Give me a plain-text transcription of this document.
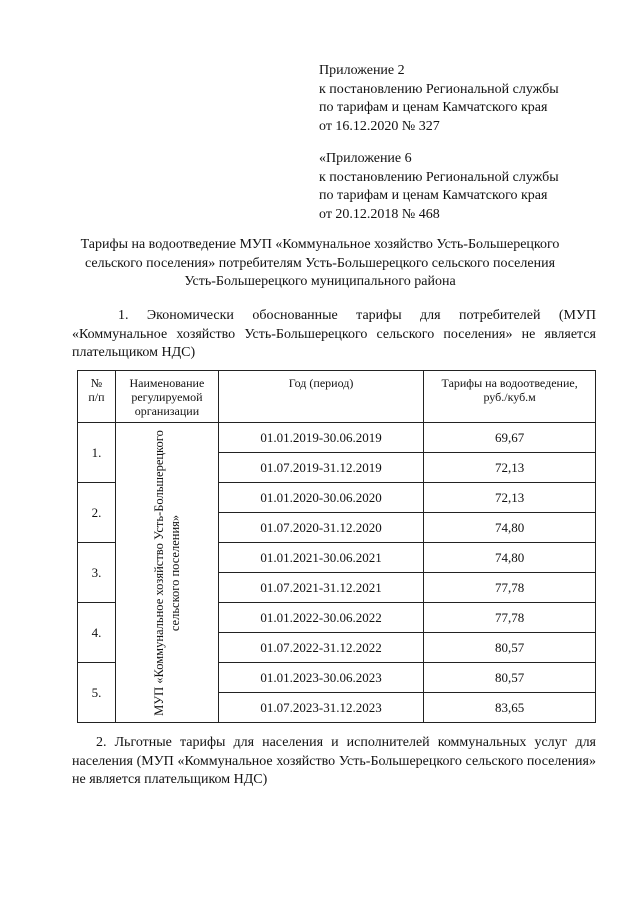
Приложение 2
к постановлению Региональной службы
по тарифам и ценам Камчатского края
от 16.12.2020 № 327
«Приложение 6
к постановлению Региональной службы
по тарифам и ценам Камчатского края
от 20.12.2018 № 468
Тарифы на водоотведение МУП «Коммунальное хозяйство Усть-Большерецкого сельского поселения» потребителям Усть-Большерецкого сельского поселения Усть-Большерецкого муниципального района
1. Экономически обоснованные тарифы для потребителей (МУП «Коммунальное хозяйство Усть-Большерецкого сельского поселения» не является плательщиком НДС)
№ п/п	Наименование регулируемой организации	Год (период)	Тарифы на водоотведение, руб./куб.м
1.	МУП «Коммунальное хозяйство Усть-Большерецкого сельского поселения»	01.01.2019-30.06.2019	69,67
		01.07.2019-31.12.2019	72,13
2.		01.01.2020-30.06.2020	72,13
		01.07.2020-31.12.2020	74,80
3.		01.01.2021-30.06.2021	74,80
		01.07.2021-31.12.2021	77,78
4.		01.01.2022-30.06.2022	77,78
		01.07.2022-31.12.2022	80,57
5.		01.01.2023-30.06.2023	80,57
		01.07.2023-31.12.2023	83,65
2. Льготные тарифы для населения и исполнителей коммунальных услуг для населения (МУП «Коммунальное хозяйство Усть-Большерецкого сельского поселения» не является плательщиком НДС)
